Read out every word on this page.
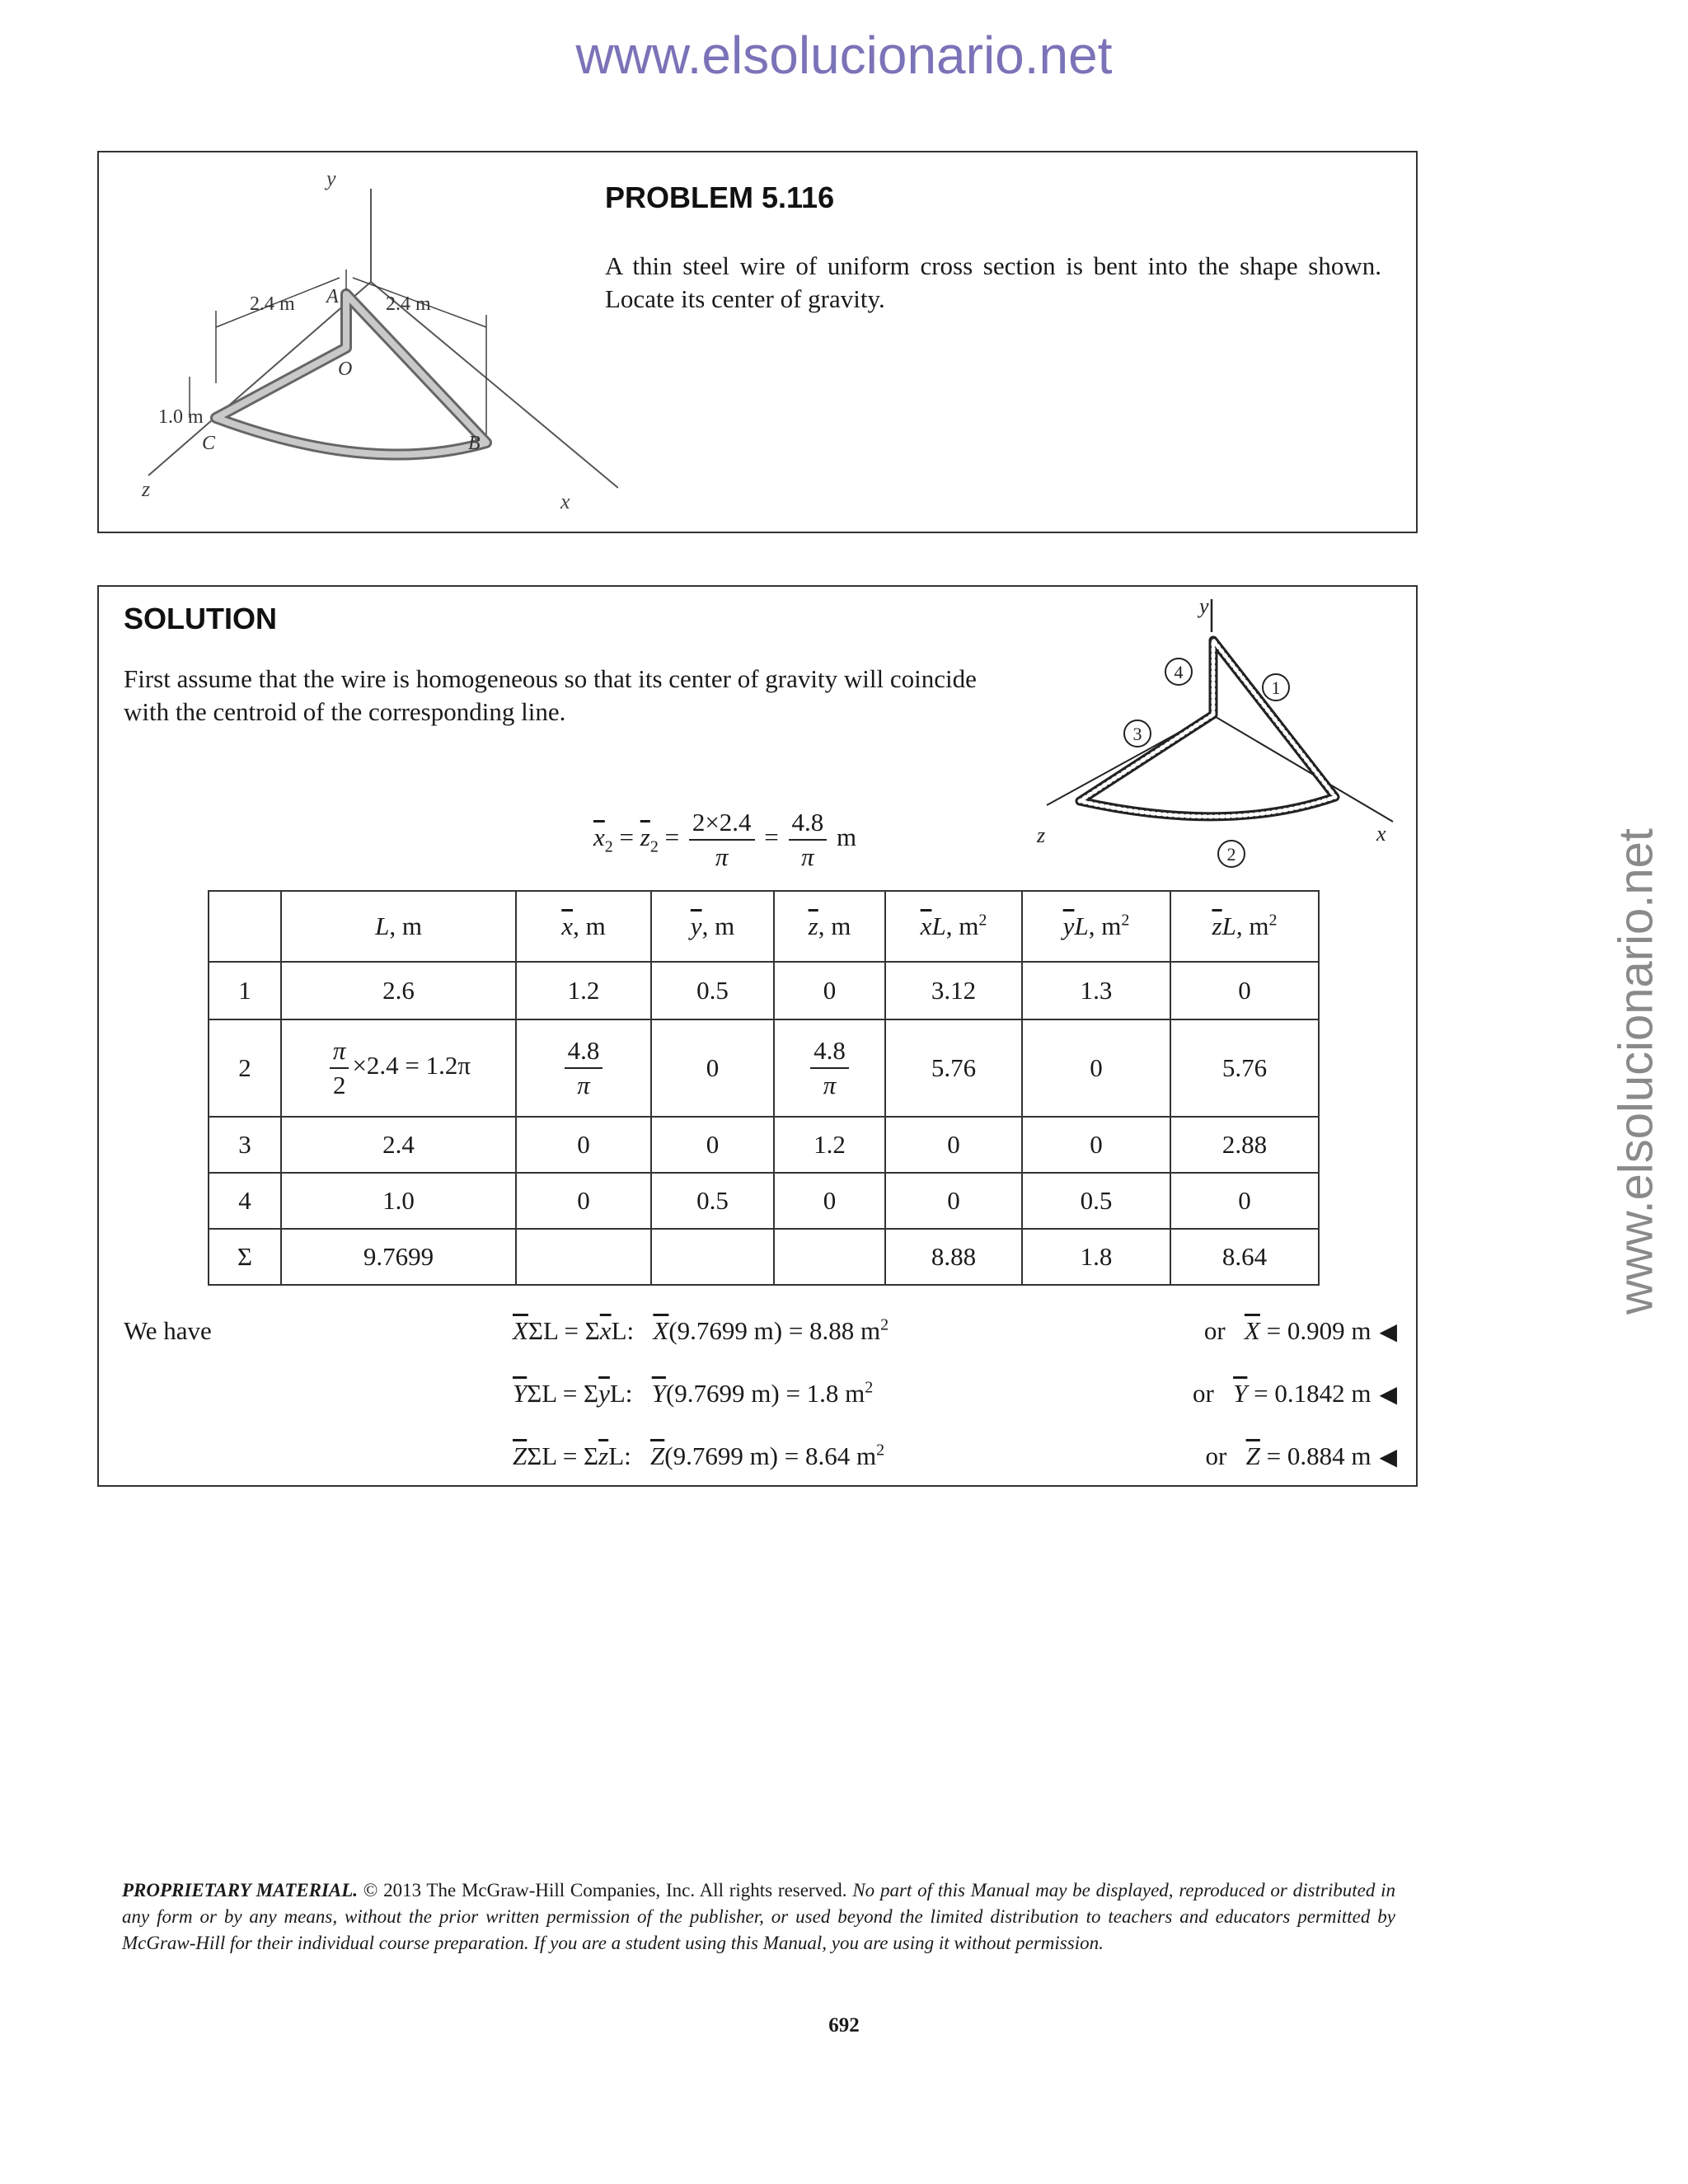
www.elsolucionario.net
www.elsolucionario.net
y
z
x
2.4 m	2.4 m
1.0 m
A
O
C	B
PROBLEM 5.116
A thin steel wire of uniform cross section is bent into the shape shown. Locate its center of gravity.
SOLUTION
First assume that the wire is homogeneous so that its center of gravity will coincide with the centroid of the corresponding line.
y
z	x
1
2
3
4
$\overline{x}_2 = \overline{z}_2 = \frac{2\times 2.4}{\pi} = \frac{4.8}{\pi}$ m
	L, m	$\overline{x}$, m	$\overline{y}$, m	$\overline{z}$, m	$\overline{x}L$, $m^2$	$\overline{y}L$, $m^2$	$\overline{z}L$, $m^2$
1	2.6	1.2	0.5	0	3.12	1.3	0
2	$\frac{\pi}{2} \times 2.4 = 1.2\pi$	$\frac{4.8}{\pi}$	0	$\frac{4.8}{\pi}$	5.76	0	5.76
3	2.4	0	0	1.2	0	0	2.88
4	1.0	0	0.5	0	0	0.5	0
Σ	9.7699				8.88	1.8	8.64
We have	$\overline{X}\Sigma L = \Sigma\overline{x}L$: $\overline{X}(9.7699$ m) = 8.88 $m^2$	or $\overline{X} = 0.909$ m ◀
$\overline{Y}\Sigma L = \Sigma\overline{y}L$: $\overline{Y}(9.7699$ m) = 1.8 $m^2$	or $\overline{Y} = 0.1842$ m ◀
$\overline{Z}\Sigma L = \Sigma\overline{z}L$: $\overline{Z}(9.7699$ m) = 8.64 $m^2$	or $\overline{Z} = 0.884$ m ◀
PROPRIETARY MATERIAL. © 2013 The McGraw-Hill Companies, Inc. All rights reserved. No part of this Manual may be displayed, reproduced or distributed in any form or by any means, without the prior written permission of the publisher, or used beyond the limited distribution to teachers and educators permitted by McGraw-Hill for their individual course preparation. If you are a student using this Manual, you are using it without permission.
692
